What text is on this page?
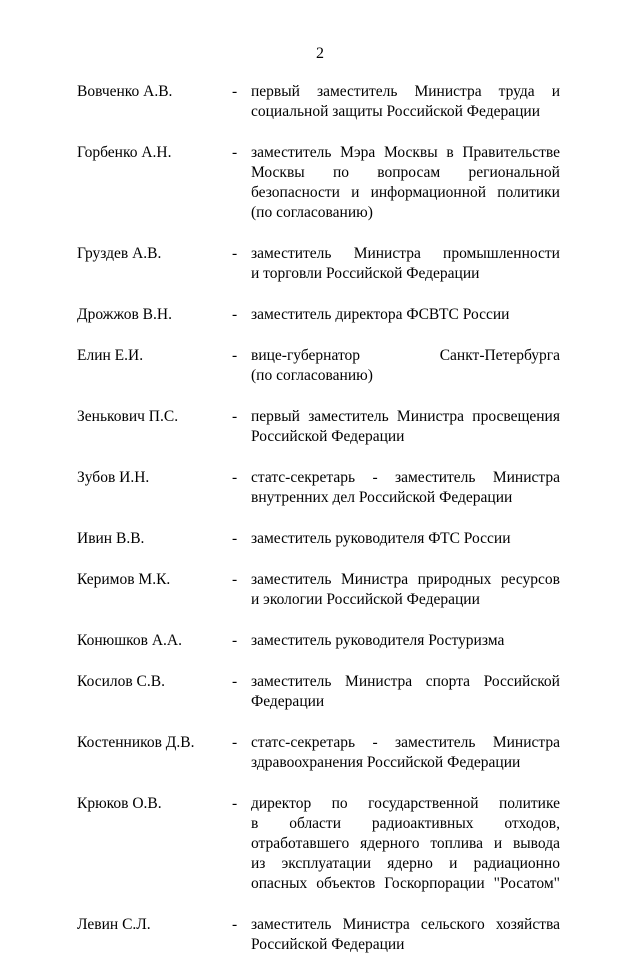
2
Вовченко А.В.	- первый заместитель Министра труда и
социальной защиты Российской Федерации
Горбенко А.Н.	- заместитель Мэра Москвы в Правительстве
Москвы по вопросам региональной
безопасности и информационной политики
(по согласованию)
Груздев А.В.	- заместитель Министра промышленности
и торговли Российской Федерации
Дрожжов В.Н.	- заместитель директора ФСВТС России
Елин Е.И.	- вице-губернатор	Санкт-Петербурга
(по согласованию)
Зенькович П.С.	- первый заместитель Министра просвещения
Российской Федерации
Зубов И.Н.	- статс-секретарь - заместитель Министра
внутренних дел Российской Федерации
Ивин В.В.	- заместитель руководителя ФТС России
Керимов М.К.	- заместитель Министра природных ресурсов
и экологии Российской Федерации
Конюшков А.А.	- заместитель руководителя Ростуризма
Косилов С.В.	- заместитель Министра спорта Российской
Федерации
Костенников Д.В. - статс-секретарь - заместитель Министра
здравоохранения Российской Федерации
Крюков О.В.	- директор по государственной политике
в области радиоактивных отходов,
отработавшего ядерного топлива и вывода
из эксплуатации ядерно и радиационно
опасных объектов Госкорпорации "Росатом"
Левин С.Л.	- заместитель Министра сельского хозяйства
Российской Федерации
